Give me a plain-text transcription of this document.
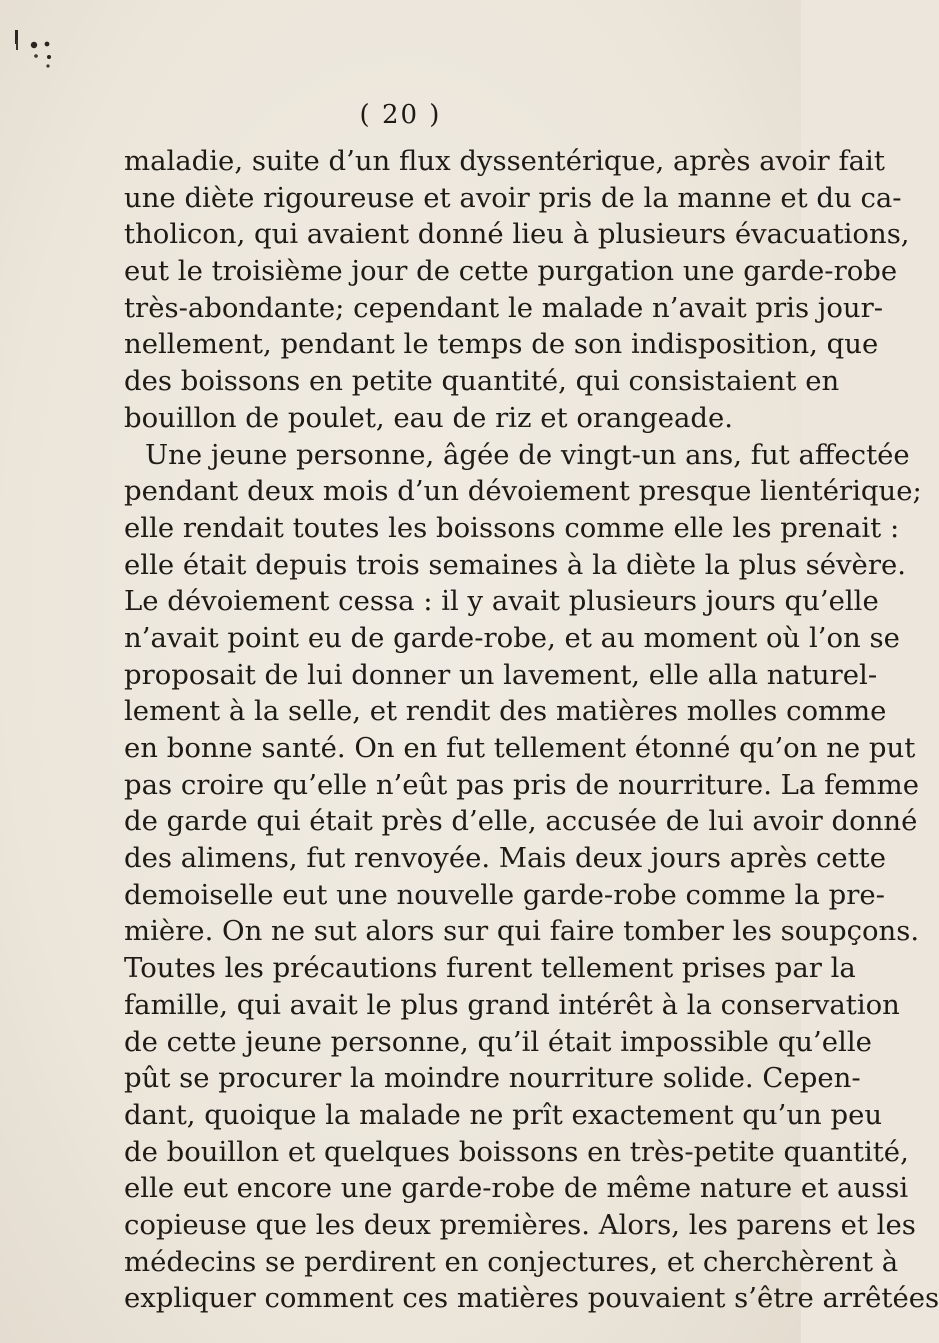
( 20 )
maladie, suite d’un flux dyssentérique, après avoir fait
une diète rigoureuse et avoir pris de la manne et du ca-
tholicon, qui avaient donné lieu à plusieurs évacuations,
eut le troisième jour de cette purgation une garde-robe
très-abondante; cependant le malade n’avait pris jour-
nellement, pendant le temps de son indisposition, que
des boissons en petite quantité, qui consistaient en
bouillon de poulet, eau de riz et orangeade.
Une jeune personne, âgée de vingt-un ans, fut affectée
pendant deux mois d’un dévoiement presque lientérique;
elle rendait toutes les boissons comme elle les prenait :
elle était depuis trois semaines à la diète la plus sévère.
Le dévoiement cessa : il y avait plusieurs jours qu’elle
n’avait point eu de garde-robe, et au moment où l’on se
proposait de lui donner un lavement, elle alla naturel-
lement à la selle, et rendit des matières molles comme
en bonne santé. On en fut tellement étonné qu’on ne put
pas croire qu’elle n’eût pas pris de nourriture. La femme
de garde qui était près d’elle, accusée de lui avoir donné
des alimens, fut renvoyée. Mais deux jours après cette
demoiselle eut une nouvelle garde-robe comme la pre-
mière. On ne sut alors sur qui faire tomber les soupçons.
Toutes les précautions furent tellement prises par la
famille, qui avait le plus grand intérêt à la conservation
de cette jeune personne, qu’il était impossible qu’elle
pût se procurer la moindre nourriture solide. Cepen-
dant, quoique la malade ne prît exactement qu’un peu
de bouillon et quelques boissons en très-petite quantité,
elle eut encore une garde-robe de même nature et aussi
copieuse que les deux premières. Alors, les parens et les
médecins se perdirent en conjectures, et cherchèrent à
expliquer comment ces matières pouvaient s’être arrêtées
